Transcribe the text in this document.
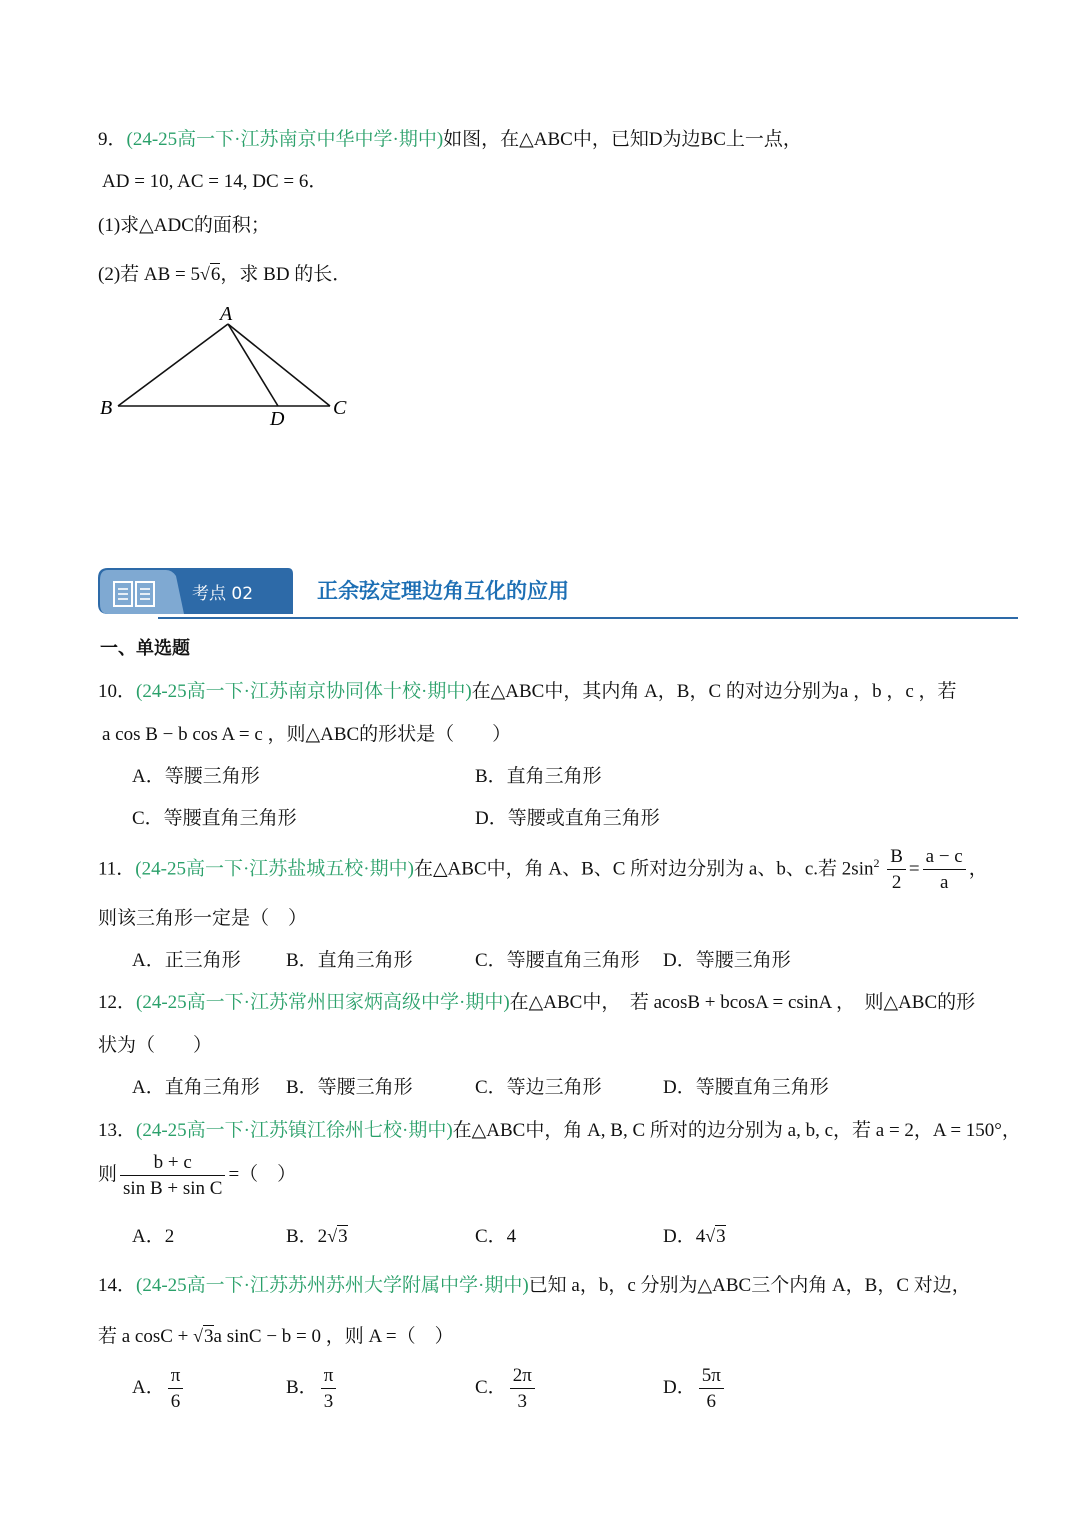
9．(24-25高一下·江苏南京中华中学·期中)如图，在△ABC中，已知D为边BC上一点，
AD = 10, AC = 14, DC = 6．
(1)求△ADC的面积；
(2)若 AB = 5√6，求 BD 的长．
A
B	C
D
考点 02	正余弦定理边角互化的应用
一、单选题
10．(24-25高一下·江苏南京协同体十校·期中)在△ABC中，其内角 A，B，C 的对边分别为a ，b ，c ，若
a cos B − b cos A = c ，则△ABC的形状是（　　）
A．等腰三角形	B．直角三角形
C．等腰直角三角形	D．等腰或直角三角形
11．(24-25高一下·江苏盐城五校·期中)在△ABC中，角 A、B、C 所对边分别为 a、b、c.若 $2\sin^2 \frac{B}{2} = \frac{a - c}{a}$ ，
则该三角形一定是（　）
A．正三角形 B．直角三角形	C．等腰直角三角形 D．等腰三角形
12．(24-25高一下·江苏常州田家炳高级中学·期中)在△ABC中，　若 acosB + bcosA = csinA ，　则△ABC的形
状为（　　）
A．直角三角形 B．等腰三角形	C．等边三角形	D．等腰直角三角形
13．(24-25高一下·江苏镇江徐州七校·期中)在△ABC中，角 A, B, C 所对的边分别为 a, b, c，若 a = 2，A = 150°，
则 $\frac{b + c}{\text{sin B + sin C}}$ =（　）
A．2	B．2√3	C．4	D．4√3
14．(24-25高一下·江苏苏州苏州大学附属中学·期中)已知 a，b，c 分别为△ABC三个内角 A，B，C 对边，
若 a cosC + √3a sinC − b = 0 ，则 A =（　）
A． $\frac{\pi}{6}$	B． $\frac{\pi}{3}$	C． $\frac{2\pi}{3}$	D． $\frac{5\pi}{6}$
